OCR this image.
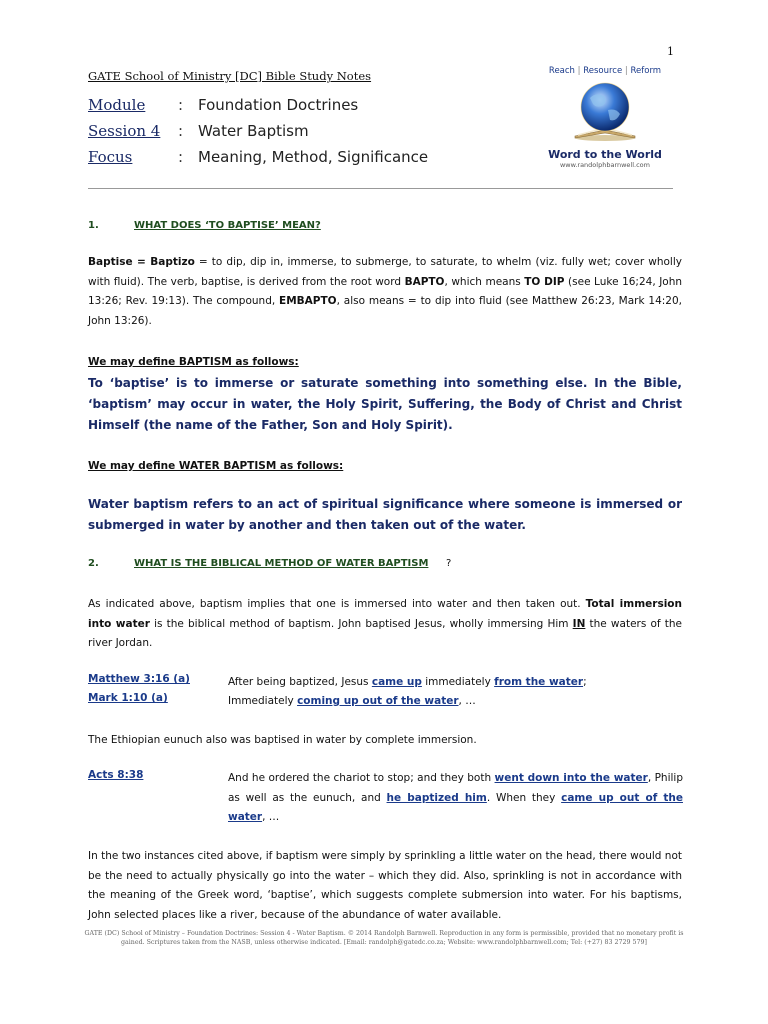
1
GATE School of Ministry [DC] Bible Study Notes
Module : Foundation Doctrines
Session 4 : Water Baptism
Focus	: Meaning, Method, Significance
Reach | Resource | Reform
Word to the World
www.randolphbarnwell.com
1.	WHAT DOES ‘TO BAPTISE’ MEAN?
Baptise = Baptizo = to dip, dip in, immerse, to submerge, to saturate, to whelm (viz. fully wet; cover wholly with fluid). The verb, baptise, is derived from the root word BAPTO, which means TO DIP (see Luke 16;24, John 13:26; Rev. 19:13). The compound, EMBAPTO, also means = to dip into fluid (see Matthew 26:23, Mark 14:20, John 13:26).
We may define BAPTISM as follows:
To ‘baptise’ is to immerse or saturate something into something else. In the Bible, ‘baptism’ may occur in water, the Holy Spirit, Suffering, the Body of Christ and Christ Himself (the name of the Father, Son and Holy Spirit).
We may define WATER BAPTISM as follows:
Water baptism refers to an act of spiritual significance where someone is immersed or submerged in water by another and then taken out of the water.
2.	WHAT IS THE BIBLICAL METHOD OF WATER BAPTISM ?
As indicated above, baptism implies that one is immersed into water and then taken out. Total immersion into water is the biblical method of baptism. John baptised Jesus, wholly immersing Him IN the waters of the river Jordan.
Matthew 3:16 (a)	After being baptized, Jesus came up immediately from the water;
Mark 1:10 (a)	Immediately coming up out of the water, …
The Ethiopian eunuch also was baptised in water by complete immersion.
Acts 8:38	And he ordered the chariot to stop; and they both went down into the water, Philip as well as the eunuch, and he baptized him. When they came up out of the water, …
In the two instances cited above, if baptism were simply by sprinkling a little water on the head, there would not be the need to actually physically go into the water – which they did. Also, sprinkling is not in accordance with the meaning of the Greek word, ‘baptise’, which suggests complete submersion into water. For his baptisms, John selected places like a river, because of the abundance of water available.
GATE (DC) School of Ministry – Foundation Doctrines: Session 4 - Water Baptism. © 2014 Randolph Barnwell. Reproduction in any form is permissible, provided that no monetary profit is gained. Scriptures taken from the NASB, unless otherwise indicated. [Email: randolph@gatedc.co.za; Website: www.randolphbarnwell.com; Tel: (+27) 83 2729 579]
